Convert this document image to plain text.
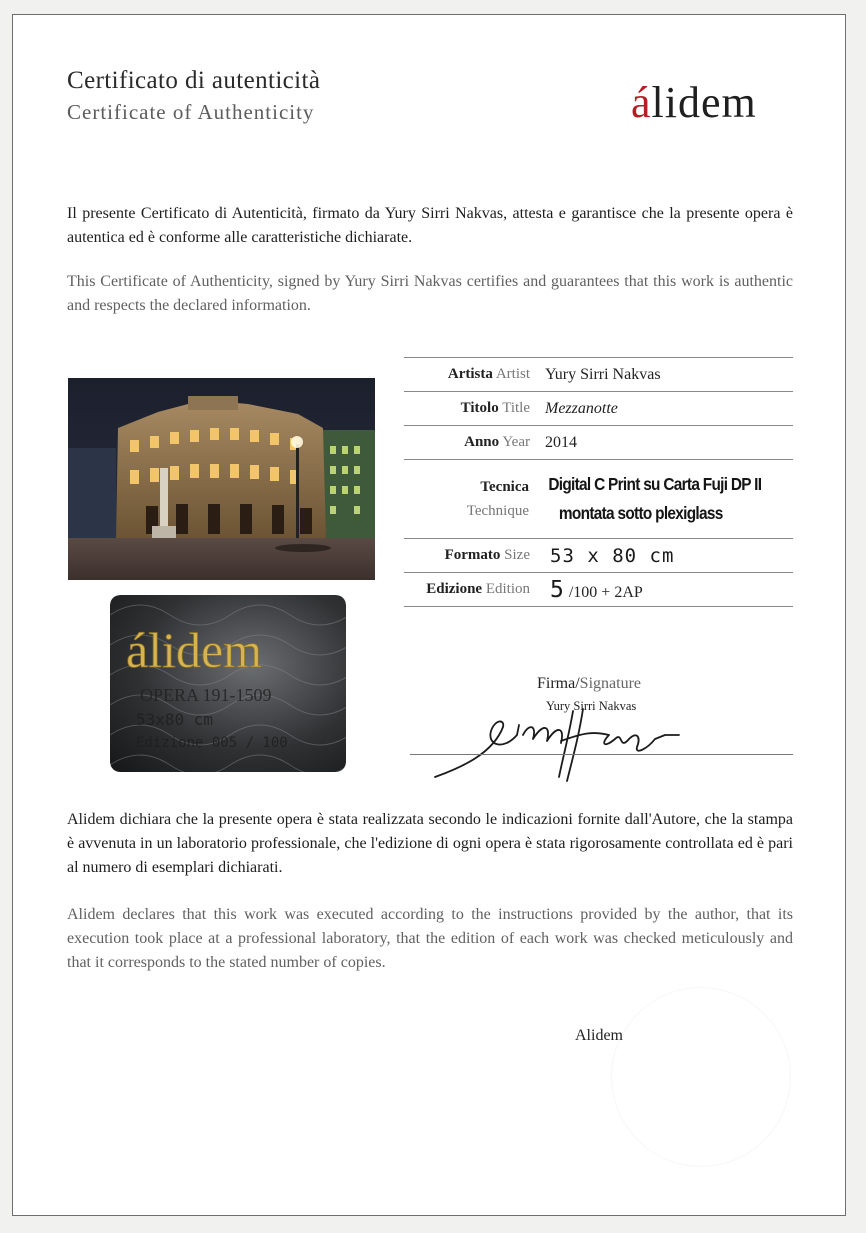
Certificato di autenticità
Certificate of Authenticity	álidem
Il presente Certificato di Autenticità, firmato da Yury Sirri Nakvas, attesta e garantisce che la presente opera è autentica ed è conforme alle caratteristiche dichiarate.
This Certificate of Authenticity, signed by Yury Sirri Nakvas certifies and guarantees that this work is authentic and respects the declared information.
álidem
OPERA 191-1509
53x80 cm
Edizione 005 / 100
Artista Artist Yury Sirri Nakvas
Titolo Title Mezzanotte
Anno Year 2014
Tecnica
Technique
Digital C Print su Carta Fuji DP II
montata sotto plexiglass
Formato Size	53 x 80 cm
Edizione Edition 5 /100 + 2AP
Firma/Signature
Yury Sirri Nakvas
Sirri Nakvas
Alidem dichiara che la presente opera è stata realizzata secondo le indicazioni fornite dall'Autore, che la stampa è avvenuta in un laboratorio professionale, che l'edizione di ogni opera è stata rigorosamente controllata ed è pari al numero di esemplari dichiarati.
Alidem declares that this work was executed according to the instructions provided by the author, that its execution took place at a professional laboratory, that the edition of each work was checked meticulously and that it corresponds to the stated number of copies.
Alidem
